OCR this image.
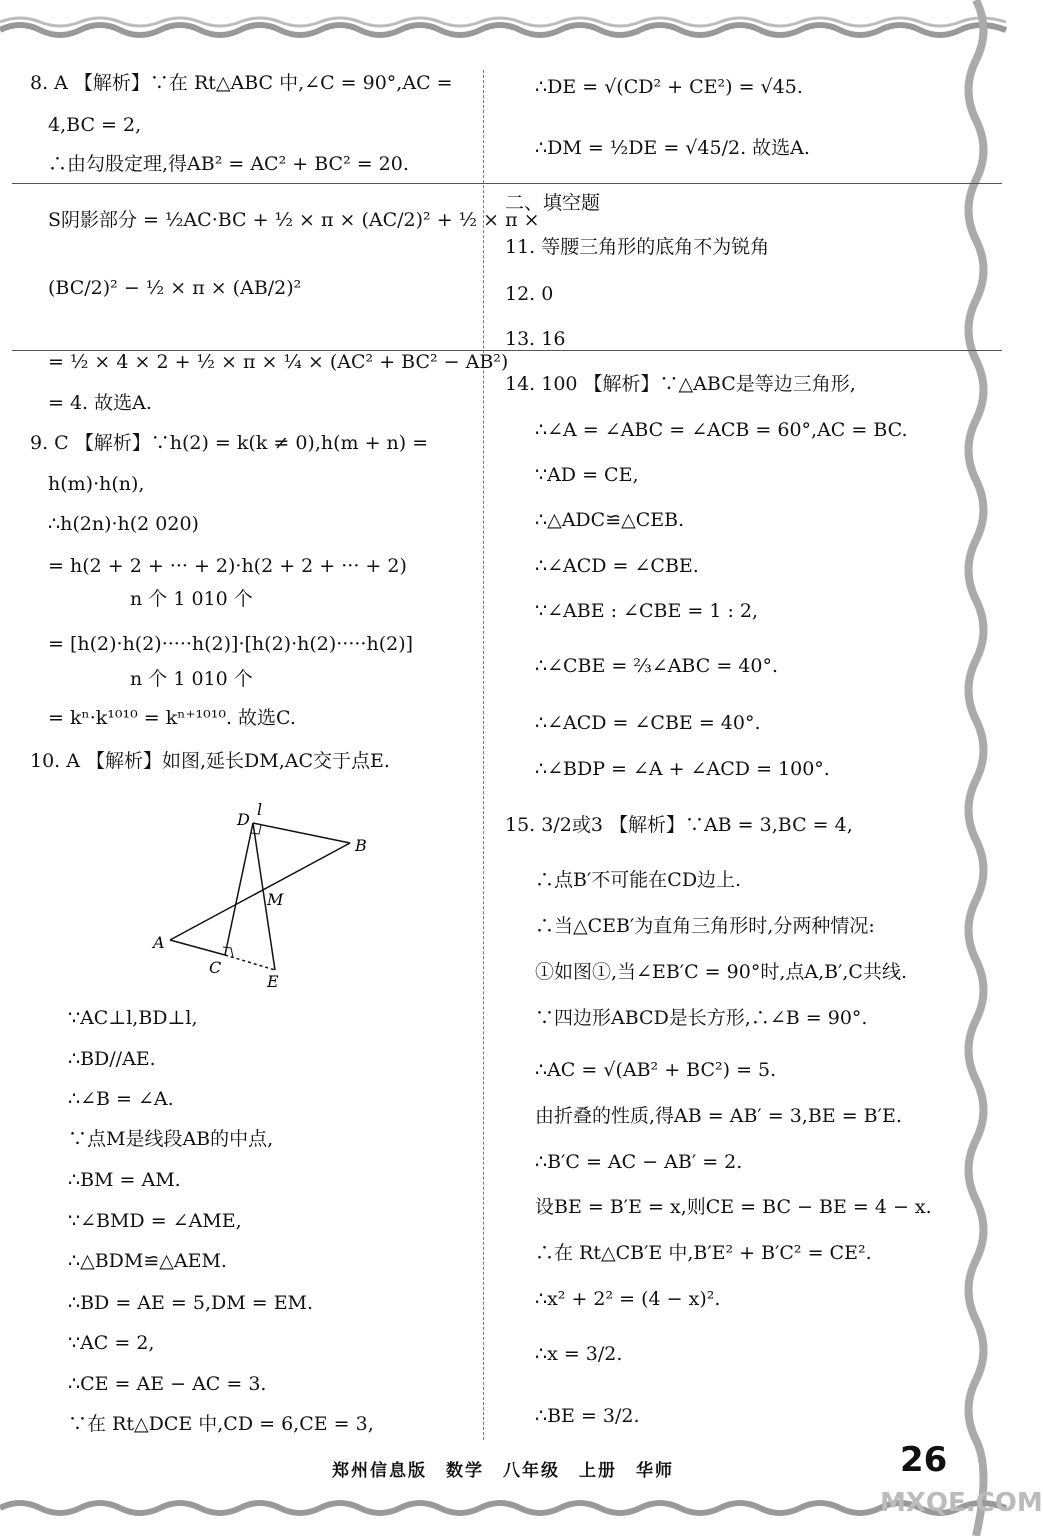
8. A 【解析】∵在 Rt△ABC 中,∠C = 90°,AC =
4,BC = 2,
∴由勾股定理,得AB² = AC² + BC² = 20.
S阴影部分 = ½AC·BC + ½ × π × (AC/2)² + ½ × π ×
(BC/2)² − ½ × π × (AB/2)²
= ½ × 4 × 2 + ½ × π × ¼ × (AC² + BC² − AB²)
= 4. 故选A.
9. C 【解析】∵h(2) = k(k ≠ 0),h(m + n) =
h(m)·h(n),
∴h(2n)·h(2 020)
= h(2 + 2 + ··· + 2)·h(2 + 2 + ··· + 2)
n 个 1 010 个
= [h(2)·h(2)·····h(2)]·[h(2)·h(2)·····h(2)]
n 个 1 010 个
= kⁿ·k¹⁰¹⁰ = kⁿ⁺¹⁰¹⁰. 故选C.
10. A 【解析】如图,延长DM,AC交于点E.
∵AC⊥l,BD⊥l,
∴BD//AE.
∴∠B = ∠A.
∵点M是线段AB的中点,
∴BM = AM.
∵∠BMD = ∠AME,
∴△BDM≌△AEM.
∴BD = AE = 5,DM = EM.
∵AC = 2,
∴CE = AE − AC = 3.
∵在 Rt△DCE 中,CD = 6,CE = 3,
∴DE = √(CD² + CE²) = √45.
∴DM = ½DE = √45/2. 故选A.
二、填空题
11. 等腰三角形的底角不为锐角
12. 0
13. 16
14. 100 【解析】∵△ABC是等边三角形,
∴∠A = ∠ABC = ∠ACB = 60°,AC = BC.
∵AD = CE,
∴△ADC≌△CEB.
∴∠ACD = ∠CBE.
∵∠ABE : ∠CBE = 1 : 2,
∴∠CBE = ⅔∠ABC = 40°.
∴∠ACD = ∠CBE = 40°.
∴∠BDP = ∠A + ∠ACD = 100°.
15. 3/2或3 【解析】∵AB = 3,BC = 4,
∴点B′不可能在CD边上.
∴当△CEB′为直角三角形时,分两种情况:
①如图①,当∠EB′C = 90°时,点A,B′,C共线.
∵四边形ABCD是长方形,∴∠B = 90°.
∴AC = √(AB² + BC²) = 5.
由折叠的性质,得AB = AB′ = 3,BE = B′E.
∴B′C = AC − AB′ = 2.
设BE = B′E = x,则CE = BC − BE = 4 − x.
∴在 Rt△CB′E 中,B′E² + B′C² = CE².
∴x² + 2² = (4 − x)².
∴x = 3/2.
∴BE = 3/2.
D
l
B
M
A
C
E
郑州信息版　数学　八年级　上册　华师	26
MXQE.COM
